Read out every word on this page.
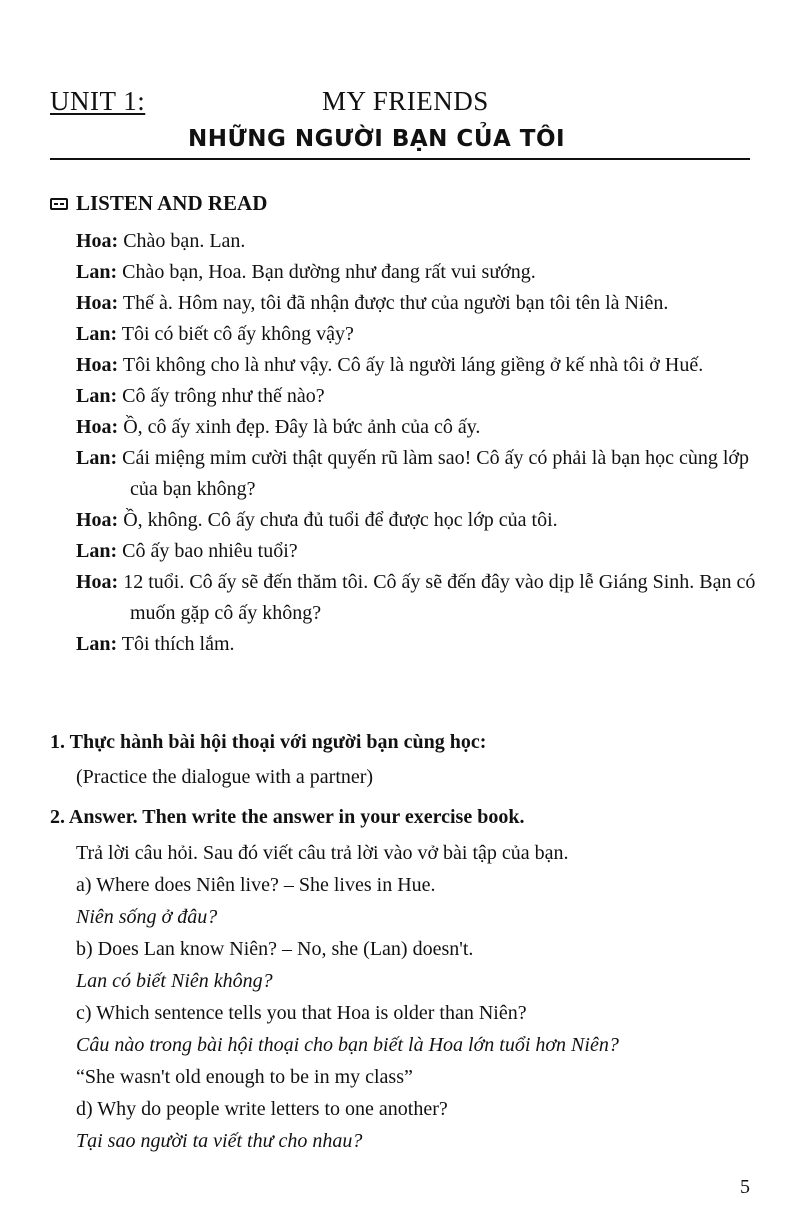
UNIT 1:	MY FRIENDS
NHỮNG NGƯỜI BẠN CỦA TÔI
LISTEN AND READ

Hoa: Chào bạn. Lan.

Lan: Chào bạn, Hoa. Bạn dường như đang rất vui sướng.

Hoa: Thế à. Hôm nay, tôi đã nhận được thư của người bạn tôi tên là Niên.

Lan: Tôi có biết cô ấy không vậy?

Hoa: Tôi không cho là như vậy. Cô ấy là người láng giềng ở kế nhà tôi ở Huế.

Lan: Cô ấy trông như thế nào?

Hoa: Ồ, cô ấy xinh đẹp. Đây là bức ảnh của cô ấy.

Lan: Cái miệng mỉm cười thật quyến rũ làm sao! Cô ấy có phải là bạn học cùng lớp của bạn không?

Hoa: Ồ, không. Cô ấy chưa đủ tuổi để được học lớp của tôi.

Lan: Cô ấy bao nhiêu tuổi?

Hoa: 12 tuổi. Cô ấy sẽ đến thăm tôi. Cô ấy sẽ đến đây vào dịp lễ Giáng Sinh. Bạn có muốn gặp cô ấy không?

Lan: Tôi thích lắm.

1. Thực hành bài hội thoại với người bạn cùng học:

(Practice the dialogue with a partner)

2. Answer. Then write the answer in your exercise book.

Trả lời câu hỏi. Sau đó viết câu trả lời vào vở bài tập của bạn.

a) Where does Niên live? – She lives in Hue.

Niên sống ở đâu?

b) Does Lan know Niên? – No, she (Lan) doesn't.

Lan có biết Niên không?

c) Which sentence tells you that Hoa is older than Niên?

Câu nào trong bài hội thoại cho bạn biết là Hoa lớn tuổi hơn Niên?

“She wasn't old enough to be in my class”

d) Why do people write letters to one another?

Tại sao người ta viết thư cho nhau?

5
